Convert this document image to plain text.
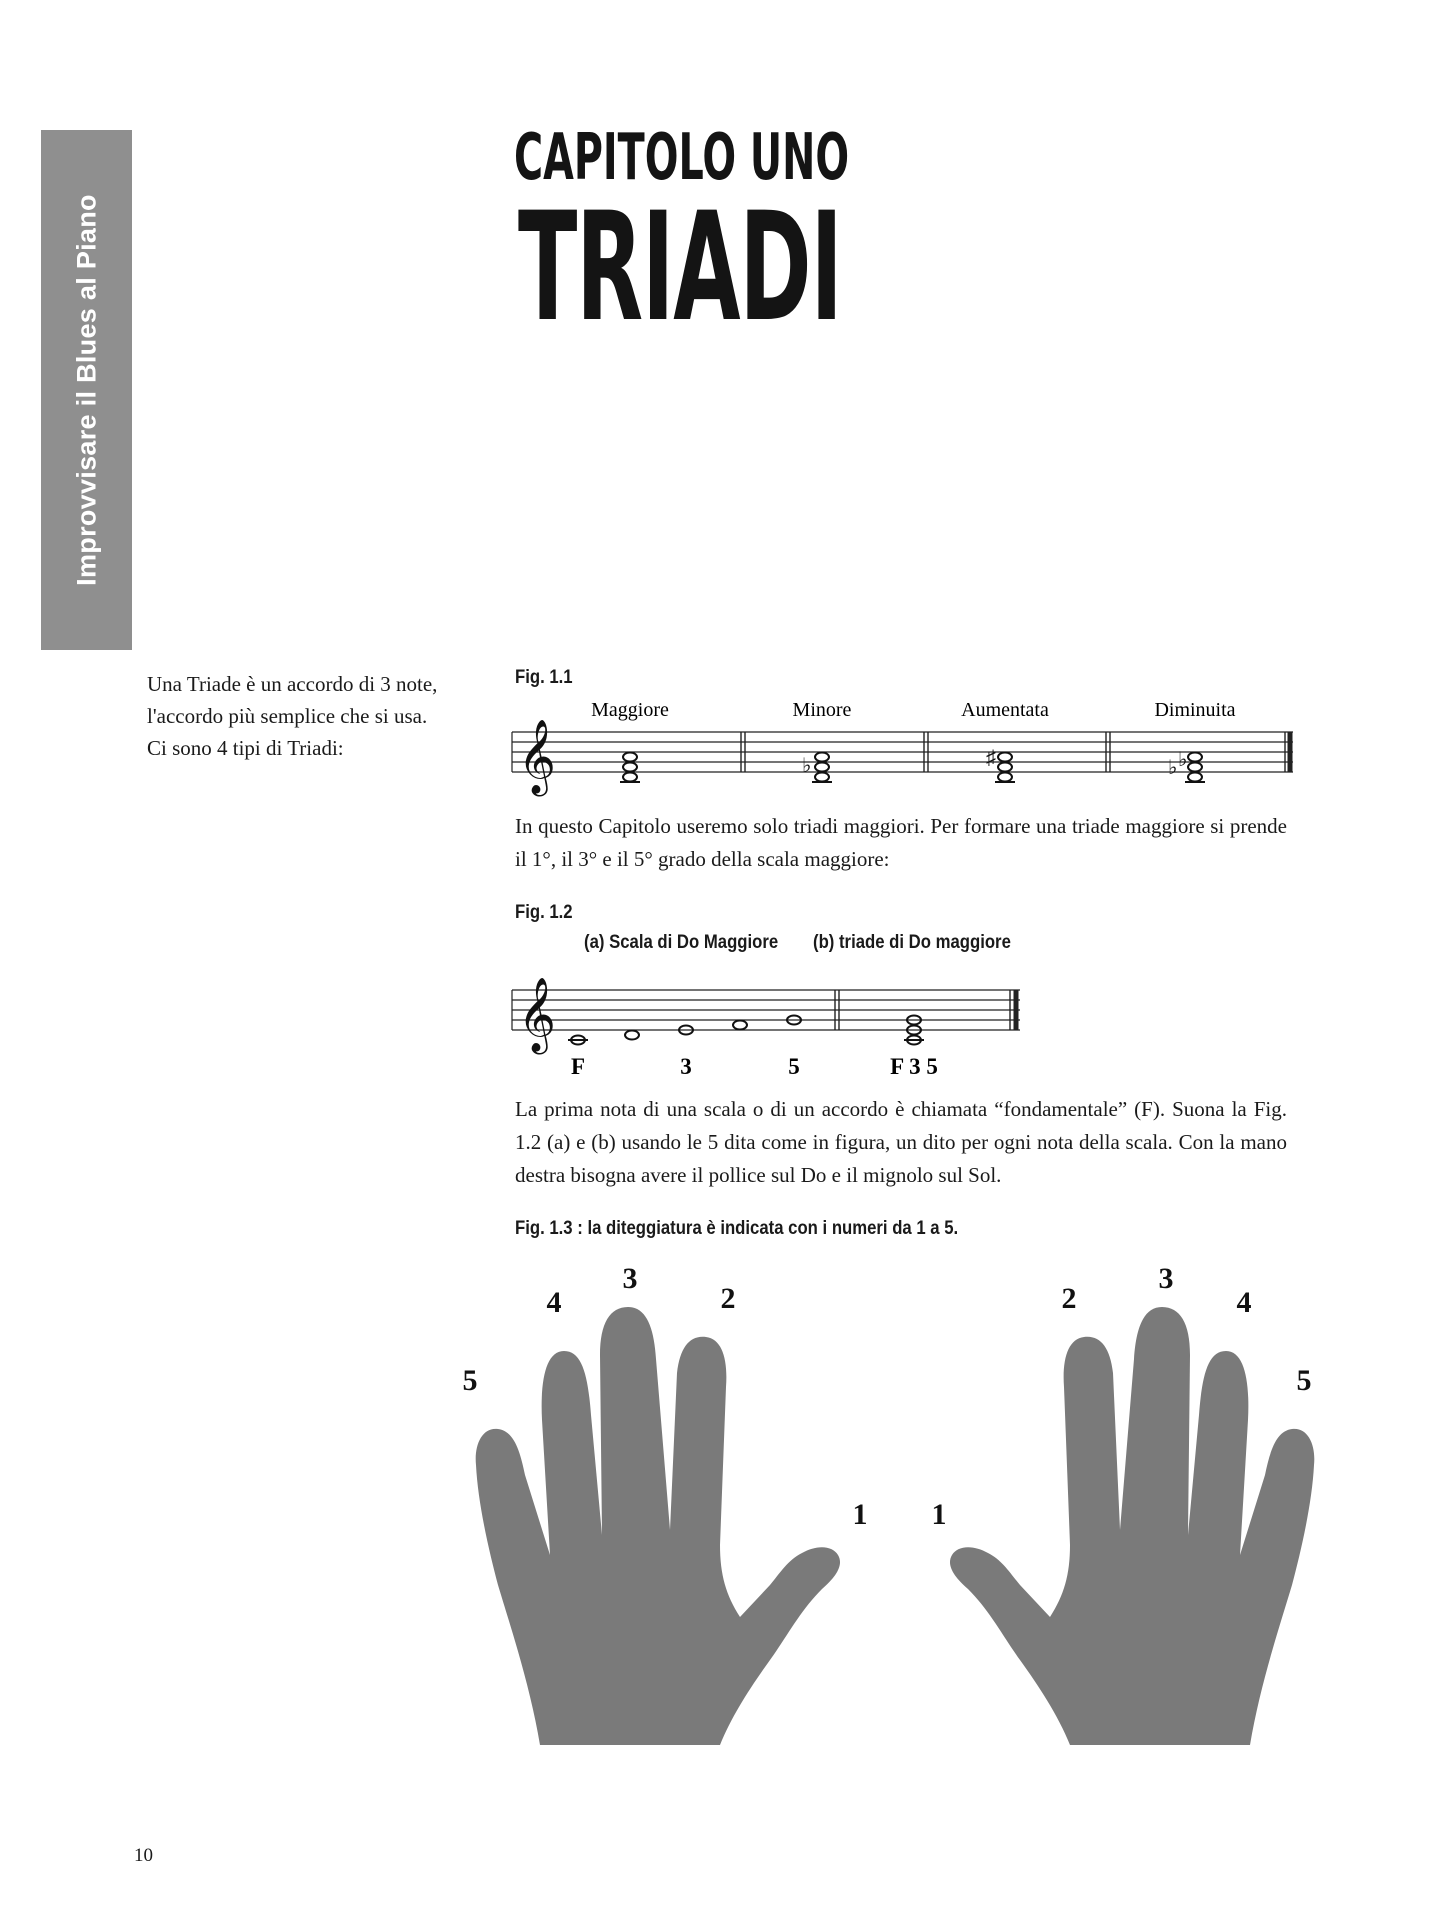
Improvvisare il Blues al Piano
CAPITOLO UNO
TRIADI

Una Triade è un accordo di 3 note,

l'accordo più semplice che si usa.

Ci sono 4 tipi di Triadi:

Fig. 1.1
Maggiore	Minore	Aumentata	Diminuita
𝄞	♭	♯	♭ ♭

In questo Capitolo useremo solo triadi maggiori. Per formare una triade maggiore si prende il 1°, il 3° e il 5° grado della scala maggiore:

Fig. 1.2
(a) Scala di Do Maggiore (b) triade di Do maggiore
𝄞
F	3	5	F 3 5

La prima nota di una scala o di un accordo è chiamata “fondamentale” (F). Suona la Fig. 1.2 (a) e (b) usando le 5 dita come in figura, un dito per ogni nota della scala. Con la mano destra bisogna avere il pollice sul Do e il mignolo sul Sol.

Fig. 1.3 : la diteggiatura è indicata con i numeri da 1 a 5.
5
4
3
2
1 1
2
3
4
5
10
